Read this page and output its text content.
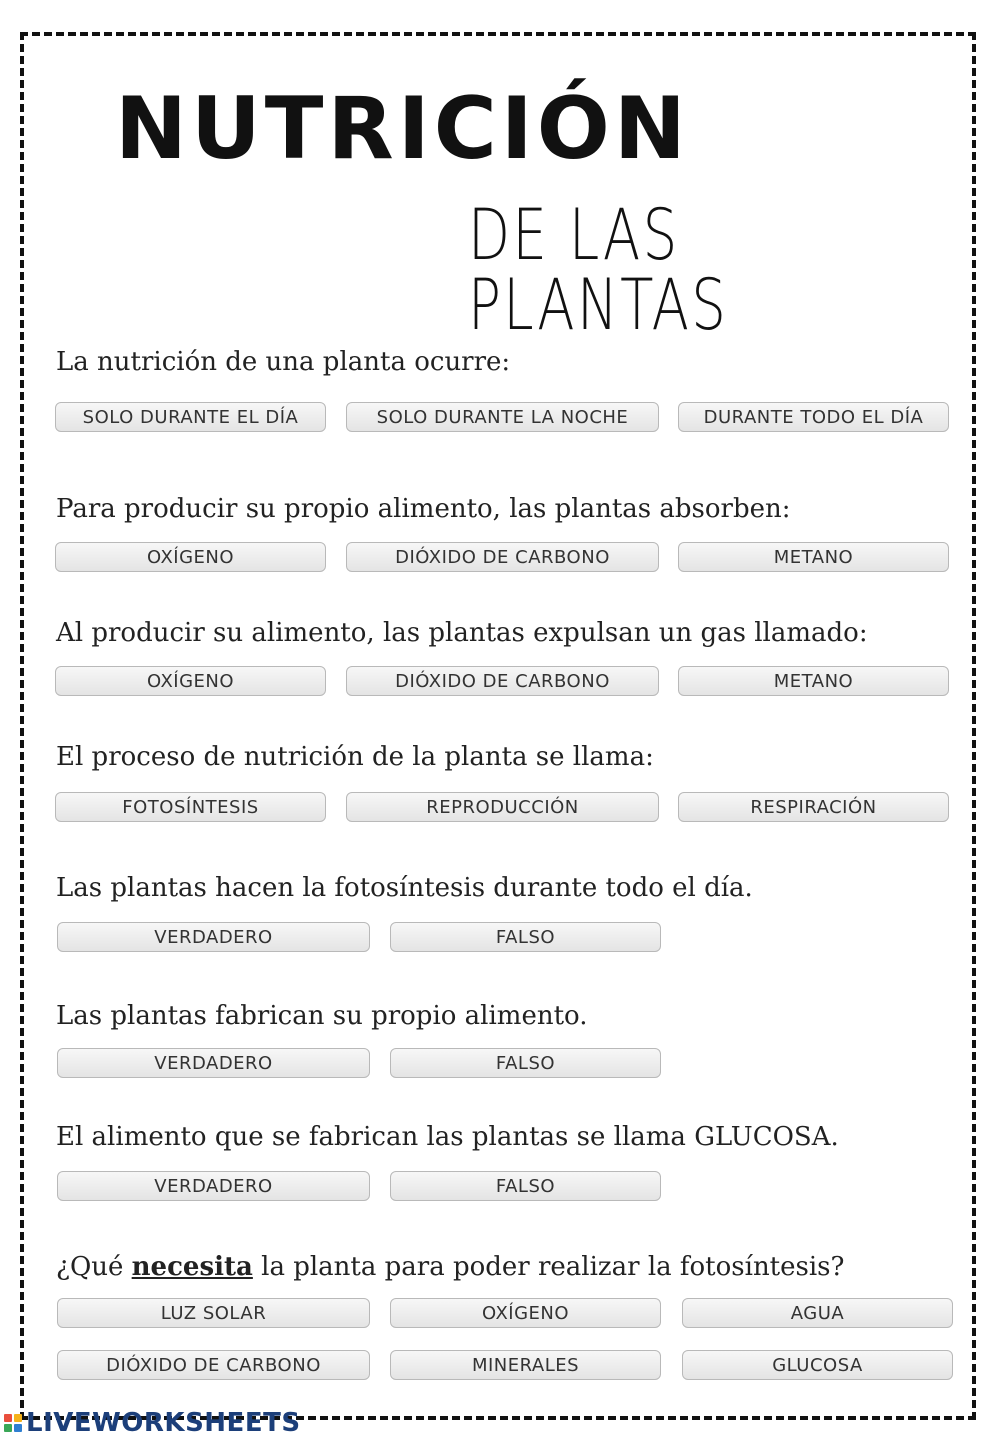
NUTRICIÓN
DE LAS PLANTAS
La nutrición de una planta ocurre:
SOLO DURANTE EL DÍA	SOLO DURANTE LA NOCHE	DURANTE TODO EL DÍA
Para producir su propio alimento, las plantas absorben:
OXÍGENO	DIÓXIDO DE CARBONO	METANO
Al producir su alimento, las plantas expulsan un gas llamado:
OXÍGENO	DIÓXIDO DE CARBONO	METANO
El proceso de nutrición de la planta se llama:
FOTOSÍNTESIS	REPRODUCCIÓN	RESPIRACIÓN
Las plantas hacen la fotosíntesis durante todo el día.
VERDADERO	FALSO
Las plantas fabrican su propio alimento.
VERDADERO	FALSO
El alimento que se fabrican las plantas se llama GLUCOSA.
VERDADERO	FALSO
¿Qué necesita la planta para poder realizar la fotosíntesis?
LUZ SOLAR	OXÍGENO	AGUA
DIÓXIDO DE CARBONO	MINERALES	GLUCOSA
LIVEWORKSHEETS
